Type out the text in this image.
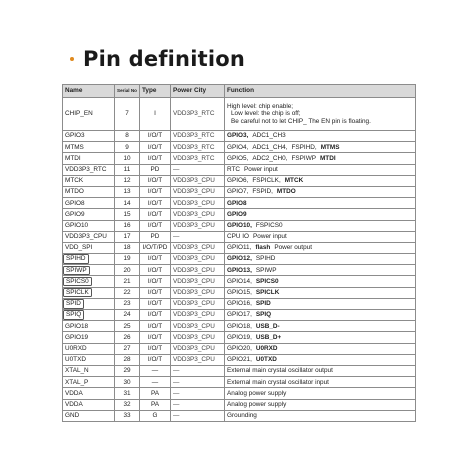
Pin definition
Name	Serial No	Type	Power City	Function
CHIP_EN	7	I	VDD3P3_RTC	High level: chip enable;
Low level: the chip is off;
Be careful not to let CHIP_ The EN pin is floating.

GPIO3	8	I/O/T	VDD3P3_RTC	GPIO3, ADC1_CH3
MTMS	9	I/O/T	VDD3P3_RTC	GPIO4, ADC1_CH4, FSPIHD, MTMS
MTDI	10	I/O/T	VDD3P3_RTC	GPIO5, ADC2_CH0, FSPIWP MTDI
VDD3P3_RTC	11	PD	—	RTC Power input
MTCK	12	I/O/T	VDD3P3_CPU	GPIO6, FSPICLK, MTCK
MTDO	13	I/O/T	VDD3P3_CPU	GPIO7, FSPID, MTDO
GPIO8	14	I/O/T	VDD3P3_CPU	GPIO8
GPIO9	15	I/O/T	VDD3P3_CPU	GPIO9
GPIO10	16	I/O/T	VDD3P3_CPU	GPIO10, FSPICS0
VDD3P3_CPU	17	PD	—	CPU IO Power input
VDD_SPI	18	I/O/T/PD	VDD3P3_CPU	GPIO11, flash Power output
SPIHD	19	I/O/T	VDD3P3_CPU	GPIO12, SPIHD
SPIWP	20	I/O/T	VDD3P3_CPU	GPIO13, SPIWP
SPICS0	21	I/O/T	VDD3P3_CPU	GPIO14, SPICS0
SPICLK	22	I/O/T	VDD3P3_CPU	GPIO15, SPICLK
SPID	23	I/O/T	VDD3P3_CPU	GPIO16, SPID
SPIQ	24	I/O/T	VDD3P3_CPU	GPIO17, SPIQ
GPIO18	25	I/O/T	VDD3P3_CPU	GPIO18, USB_D-
GPIO19	26	I/O/T	VDD3P3_CPU	GPIO19, USB_D+
U0RXD	27	I/O/T	VDD3P3_CPU	GPIO20, U0RXD
U0TXD	28	I/O/T	VDD3P3_CPU	GPIO21, U0TXD
XTAL_N	29	—	—	External main crystal oscillator output
XTAL_P	30	—	—	External main crystal oscillator input
VDDA	31	PA	—	Analog power supply
VDDA	32	PA	—	Analog power supply
GND	33	G	—	Grounding
